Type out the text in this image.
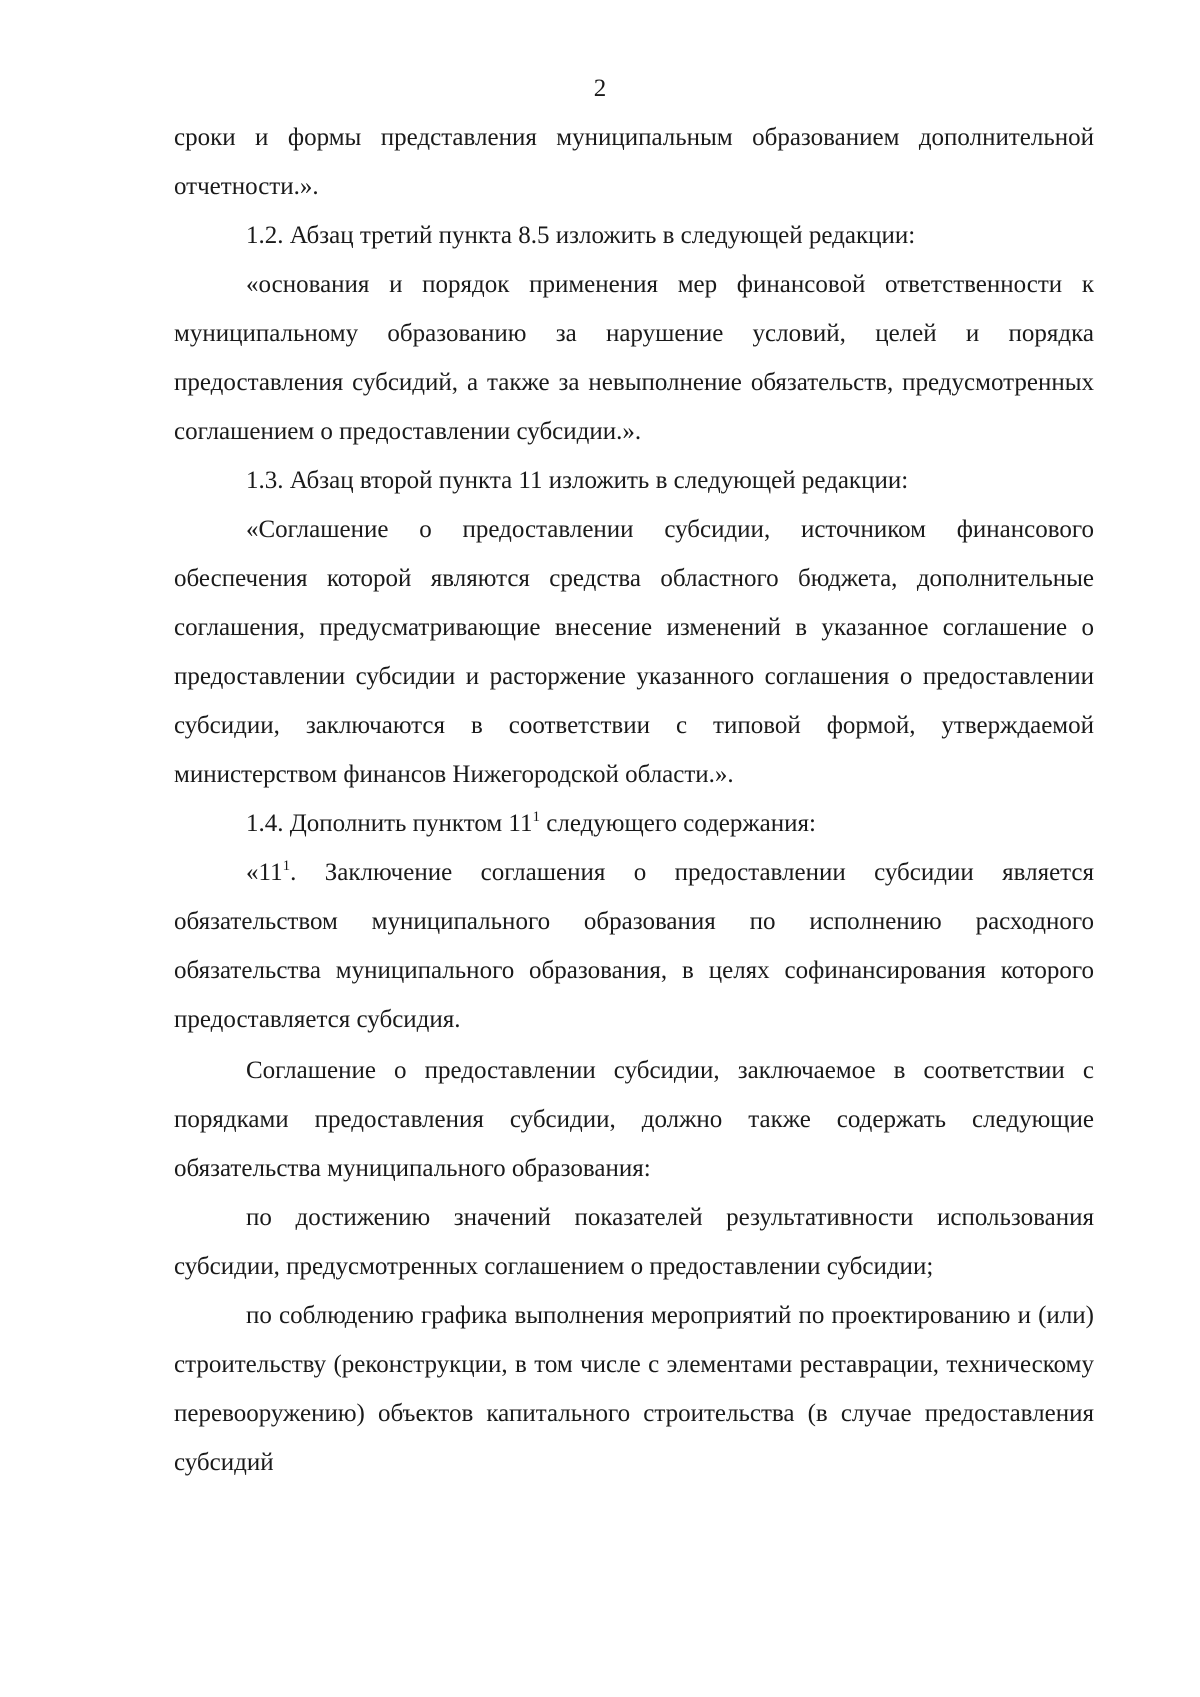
2

сроки и формы представления муниципальным образованием дополнительной отчетности.».

1.2. Абзац третий пункта 8.5 изложить в следующей редакции:

«основания и порядок применения мер финансовой ответственности к муниципальному образованию за нарушение условий, целей и порядка предоставления субсидий, а также за невыполнение обязательств, предусмотренных соглашением о предоставлении субсидии.».

1.3. Абзац второй пункта 11 изложить в следующей редакции:

«Соглашение о предоставлении субсидии, источником финансового обеспечения которой являются средства областного бюджета, дополнительные соглашения, предусматривающие внесение изменений в указанное соглашение о предоставлении субсидии и расторжение указанного соглашения о предоставлении субсидии, заключаются в соответствии с типовой формой, утверждаемой министерством финансов Нижегородской области.».

1.4. Дополнить пунктом $11^1$ следующего содержания:

«$11^1$. Заключение соглашения о предоставлении субсидии является обязательством муниципального образования по исполнению расходного обязательства муниципального образования, в целях софинансирования которого предоставляется субсидия.

Соглашение о предоставлении субсидии, заключаемое в соответствии с порядками предоставления субсидии, должно также содержать следующие обязательства муниципального образования:

по достижению значений показателей результативности использования субсидии, предусмотренных соглашением о предоставлении субсидии;

по соблюдению графика выполнения мероприятий по проектированию и (или) строительству (реконструкции, в том числе с элементами реставрации, техническому перевооружению) объектов капитального строительства (в случае предоставления субсидий
